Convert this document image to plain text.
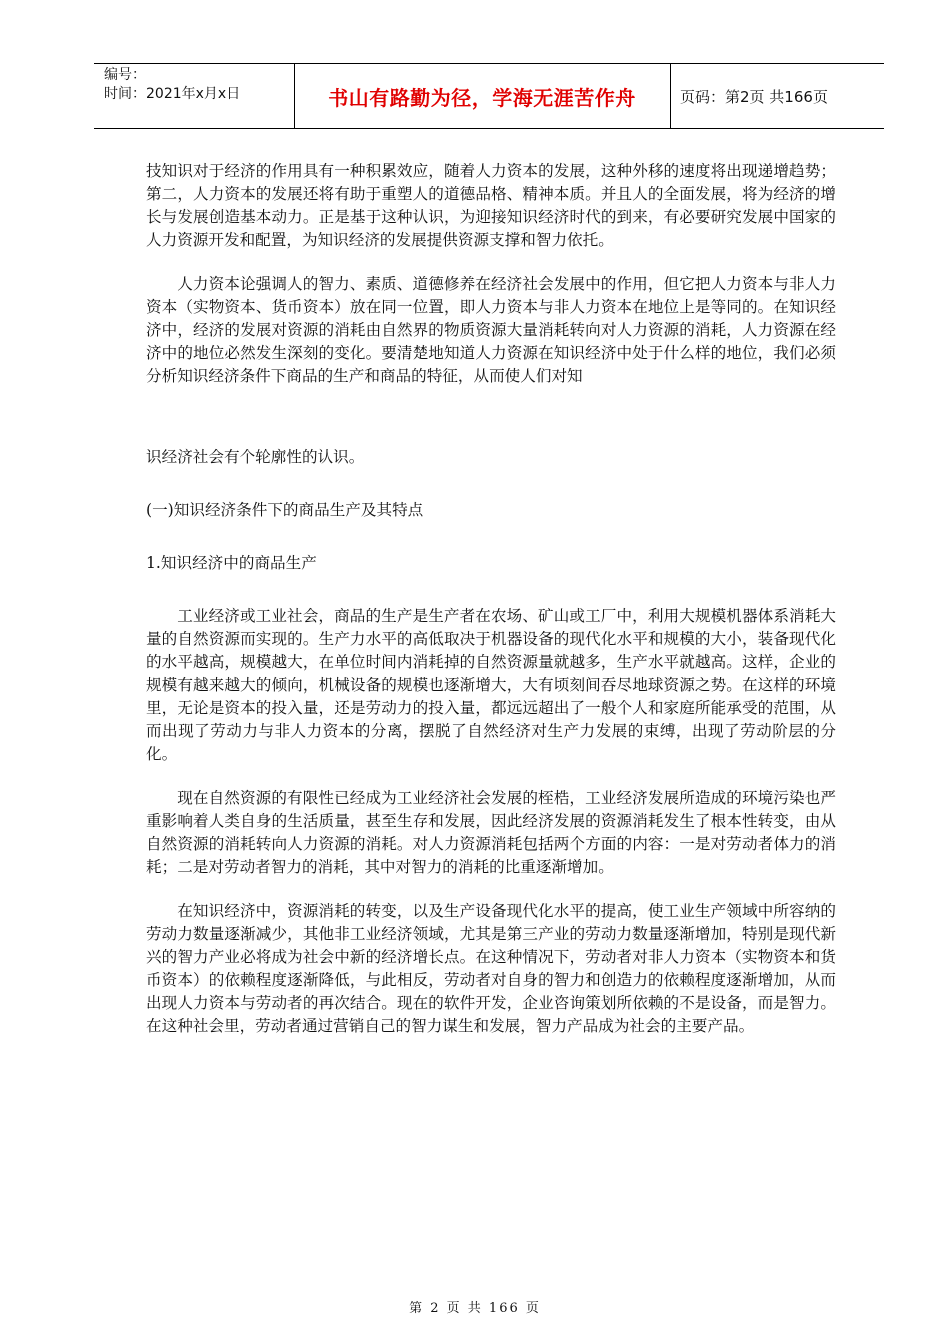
编号：
时间：2021年x月x日	书山有路勤为径，学海无涯苦作舟	页码：第2页 共166页

技知识对于经济的作用具有一种积累效应，随着人力资本的发展，这种外移的速度将出现递增趋势；第二，人力资本的发展还将有助于重塑人的道德品格、精神本质。并且人的全面发展，将为经济的增长与发展创造基本动力。正是基于这种认识，为迎接知识经济时代的到来，有必要研究发展中国家的人力资源开发和配置，为知识经济的发展提供资源支撑和智力依托。

人力资本论强调人的智力、素质、道德修养在经济社会发展中的作用，但它把人力资本与非人力资本（实物资本、货币资本）放在同一位置，即人力资本与非人力资本在地位上是等同的。在知识经济中，经济的发展对资源的消耗由自然界的物质资源大量消耗转向对人力资源的消耗，人力资源在经济中的地位必然发生深刻的变化。要清楚地知道人力资源在知识经济中处于什么样的地位，我们必须分析知识经济条件下商品的生产和商品的特征，从而使人们对知

识经济社会有个轮廓性的认识。

(一)知识经济条件下的商品生产及其特点

1.知识经济中的商品生产

工业经济或工业社会，商品的生产是生产者在农场、矿山或工厂中，利用大规模机器体系消耗大量的自然资源而实现的。生产力水平的高低取决于机器设备的现代化水平和规模的大小，装备现代化的水平越高，规模越大，在单位时间内消耗掉的自然资源量就越多，生产水平就越高。这样，企业的规模有越来越大的倾向，机械设备的规模也逐渐增大，大有顷刻间吞尽地球资源之势。在这样的环境里，无论是资本的投入量，还是劳动力的投入量，都远远超出了一般个人和家庭所能承受的范围，从而出现了劳动力与非人力资本的分离，摆脱了自然经济对生产力发展的束缚，出现了劳动阶层的分化。

现在自然资源的有限性已经成为工业经济社会发展的桎梏，工业经济发展所造成的环境污染也严重影响着人类自身的生活质量，甚至生存和发展，因此经济发展的资源消耗发生了根本性转变，由从自然资源的消耗转向人力资源的消耗。对人力资源消耗包括两个方面的内容：一是对劳动者体力的消耗；二是对劳动者智力的消耗，其中对智力的消耗的比重逐渐增加。

在知识经济中，资源消耗的转变，以及生产设备现代化水平的提高，使工业生产领域中所容纳的劳动力数量逐渐减少，其他非工业经济领域，尤其是第三产业的劳动力数量逐渐增加，特别是现代新兴的智力产业必将成为社会中新的经济增长点。在这种情况下，劳动者对非人力资本（实物资本和货币资本）的依赖程度逐渐降低，与此相反，劳动者对自身的智力和创造力的依赖程度逐渐增加，从而出现人力资本与劳动者的再次结合。现在的软件开发，企业咨询策划所依赖的不是设备，而是智力。在这种社会里，劳动者通过营销自己的智力谋生和发展，智力产品成为社会的主要产品。

第 2 页 共 166 页
